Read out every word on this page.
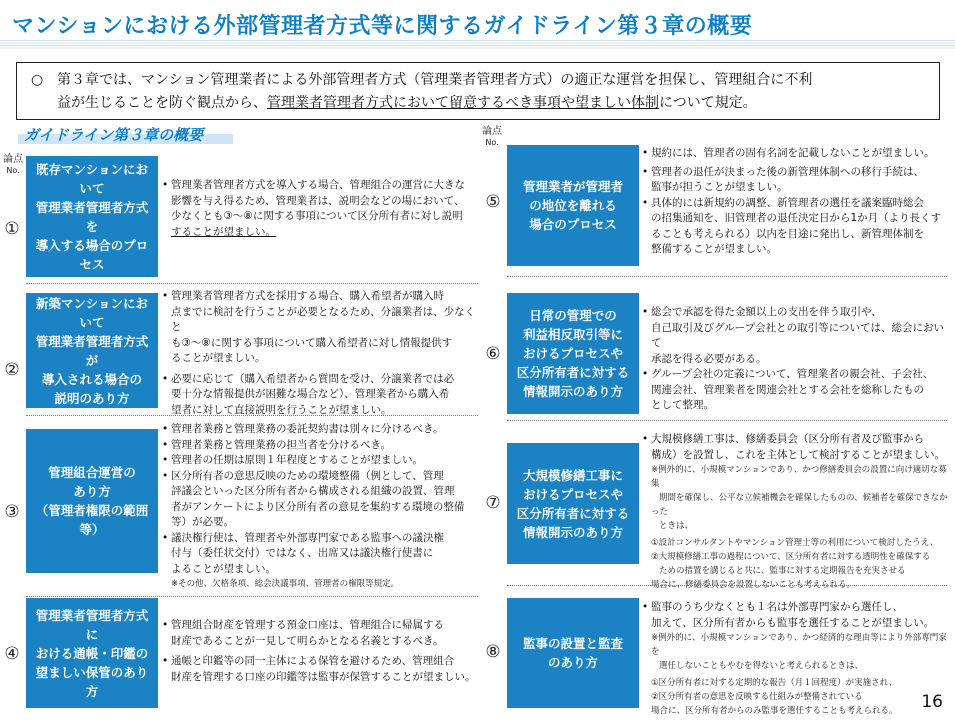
マンションにおける外部管理者方式等に関するガイドライン第３章の概要
○ 第３章では、マンション管理業者による外部管理者方式（管理業者管理者方式）の適正な運営を担保し、管理組合に不利
益が生じることを防ぐ観点から、管理業者管理者方式において留意するべき事項や望ましい体制について規定。
ガイドライン第３章の概要
論点
No.
論点
No.
①
既存マンションにおいて
管理業者管理者方式を
導入する場合のプロセス
• 管理業者管理者方式を導入する場合、管理組合の運営に大きな
影響を与え得るため、管理業者は、説明会などの場において、
少なくとも③～⑧に関する事項について区分所有者に対し説明
することが望ましい。
②
新築マンションにおいて
管理業者管理者方式が
導入される場合の
説明のあり方
• 管理業者管理者方式を採用する場合、購入希望者が購入時
点までに検討を行うことが必要となるため、分譲業者は、少なくと
も③～⑧に関する事項について購入希望者に対し情報提供す
ることが望ましい。
• 必要に応じて（購入希望者から質問を受け、分譲業者では必
要十分な情報提供が困難な場合など）、管理業者から購入希
望者に対して直接説明を行うことが望ましい。
③
管理組合運営の
あり方
（管理者権限の範囲等）
• 管理者業務と管理業務の委託契約書は別々に分けるべき。
• 管理者業務と管理業務の担当者を分けるべき。
• 管理者の任期は原則１年程度とすることが望ましい。
• 区分所有者の意思反映のための環境整備（例として、管理
評議会といった区分所有者から構成される組織の設置、管理
者がアンケートにより区分所有者の意見を集約する環境の整備
等）が必要。
• 議決権行使は、管理者や外部専門家である監事への議決権
付与（委任状交付）ではなく、出席又は議決権行使書に
よることが望ましい。
※その他、欠格条項、総会決議事項、管理者の権限等規定。
④
管理業者管理者方式に
おける通帳・印鑑の
望ましい保管のあり方
• 管理組合財産を管理する預金口座は、管理組合に帰属する
財産であることが一見して明らかとなる名義とするべき。
• 通帳と印鑑等の同一主体による保管を避けるため、管理組合
財産を管理する口座の印鑑等は監事が保管することが望ましい。
⑤
管理業者が管理者
の地位を離れる
場合のプロセス
• 規約には、管理者の固有名詞を記載しないことが望ましい。
• 管理者の退任が決まった後の新管理体制への移行手続は、
監事が担うことが望ましい。
• 具体的には新規約の調整、新管理者の選任を議案臨時総会
の招集通知を、旧管理者の退任決定日から1か月（より長くす
ることも考えられる）以内を目途に発出し、新管理体制を
整備することが望ましい。
⑥
日常の管理での
利益相反取引等に
おけるプロセスや
区分所有者に対する
情報開示のあり方
• 総会で承認を得た金額以上の支出を伴う取引や、
自己取引及びグループ会社との取引等については、総会において
承認を得る必要がある。
• グループ会社の定義について、管理業者の親会社、子会社、
関連会社、管理業者を関連会社とする会社を総称したもの
として整理。
⑦
大規模修繕工事に
おけるプロセスや
区分所有者に対する
情報開示のあり方
• 大規模修繕工事は、修繕委員会（区分所有者及び監事から
構成）を設置し、これを主体として検討することが望ましい。
※例外的に、小規模マンションであり、かつ修繕委員会の設置に向け適切な募集
期間を確保し、公平な立候補機会を確保したものの、候補者を確保できなかった
ときは、
①設計コンサルタントやマンション管理士等の利用について検討したうえ、
②大規模修繕工事の過程について、区分所有者に対する透明性を確保する
ための措置を講じると共に、監事に対する定期報告を充実させる
場合に、修繕委員会を設置しないことも考えられる。
⑧ 監事の設置と監査
のあり方
• 監事のうち少なくとも１名は外部専門家から選任し、
加えて、区分所有者からも監事を選任することが望ましい。
※例外的に、小規模マンションであり、かつ経済的な理由等により外部専門家を
選任しないこともやむを得ないと考えられるときは、
①区分所有者に対する定期的な報告（月１回程度）が実施され、
②区分所有者の意思を反映する仕組みが整備されている
場合に、区分所有者からのみ監事を選任することも考えられる。	16
